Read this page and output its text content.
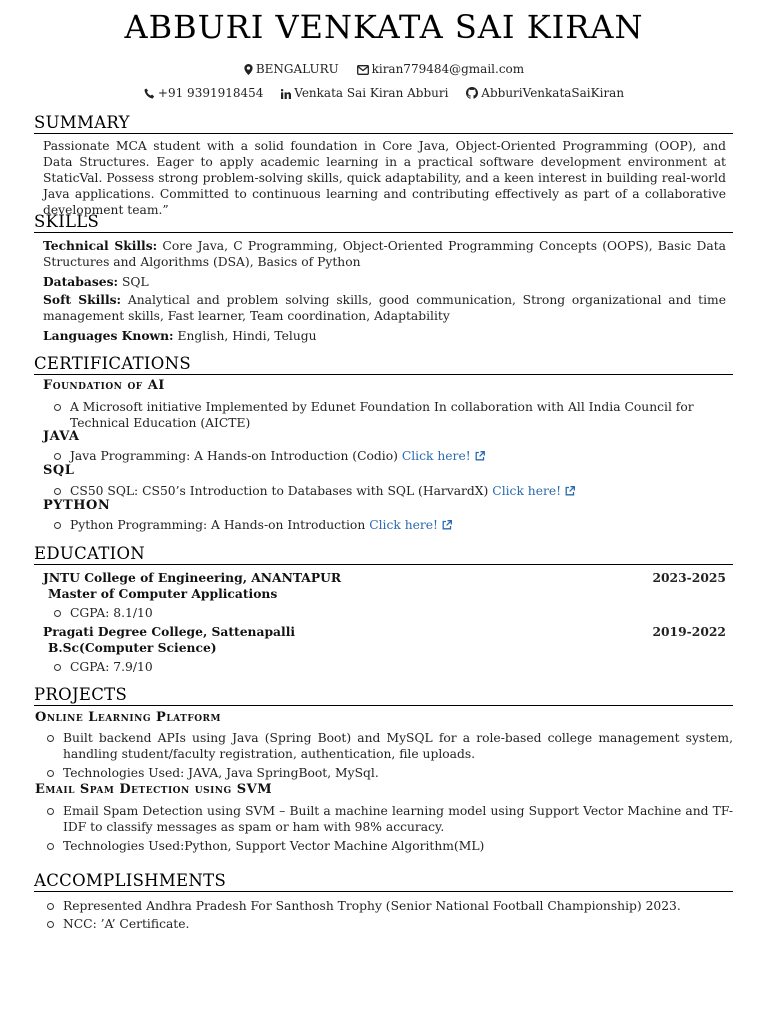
ABBURI VENKATA SAI KIRAN
BENGALURU	kiran779484@gmail.com
+91 9391918454	Venkata Sai Kiran Abburi	AbburiVenkataSaiKiran
SUMMARY
Passionate MCA student with a solid foundation in Core Java, Object-Oriented Programming (OOP), and Data Structures. Eager to apply academic learning in a practical software development environment at StaticVal. Possess strong problem-solving skills, quick adaptability, and a keen interest in building real-world Java applications. Committed to continuous learning and contributing effectively as part of a collaborative development team.”
SKILLS
Technical Skills: Core Java, C Programming, Object-Oriented Programming Concepts (OOPS), Basic Data Structures and Algorithms (DSA), Basics of Python
Databases: SQL
Soft Skills: Analytical and problem solving skills, good communication, Strong organizational and time management skills, Fast learner, Team coordination, Adaptability
Languages Known: English, Hindi, Telugu
CERTIFICATIONS
Foundation of AI
A Microsoft initiative Implemented by Edunet Foundation In collaboration with All India Council for Technical Education (AICTE)
JAVA
Java Programming: A Hands-on Introduction (Codio) Click here!
SQL
CS50 SQL: CS50’s Introduction to Databases with SQL (HarvardX) Click here!
PYTHON
Python Programming: A Hands-on Introduction Click here!
EDUCATION
JNTU College of Engineering, ANANTAPUR	2023-2025
Master of Computer Applications
CGPA: 8.1/10
Pragati Degree College, Sattenapalli	2019-2022
B.Sc(Computer Science)
CGPA: 7.9/10
PROJECTS
Online Learning Platform
Built backend APIs using Java (Spring Boot) and MySQL for a role-based college management system, handling student/faculty registration, authentication, file uploads.
Technologies Used: JAVA, Java SpringBoot, MySql.
Email Spam Detection using SVM
Email Spam Detection using SVM – Built a machine learning model using Support Vector Machine and TF-IDF to classify messages as spam or ham with 98% accuracy.
Technologies Used:Python, Support Vector Machine Algorithm(ML)
ACCOMPLISHMENTS
Represented Andhra Pradesh For Santhosh Trophy (Senior National Football Championship) 2023.
NCC: ’A’ Certificate.
